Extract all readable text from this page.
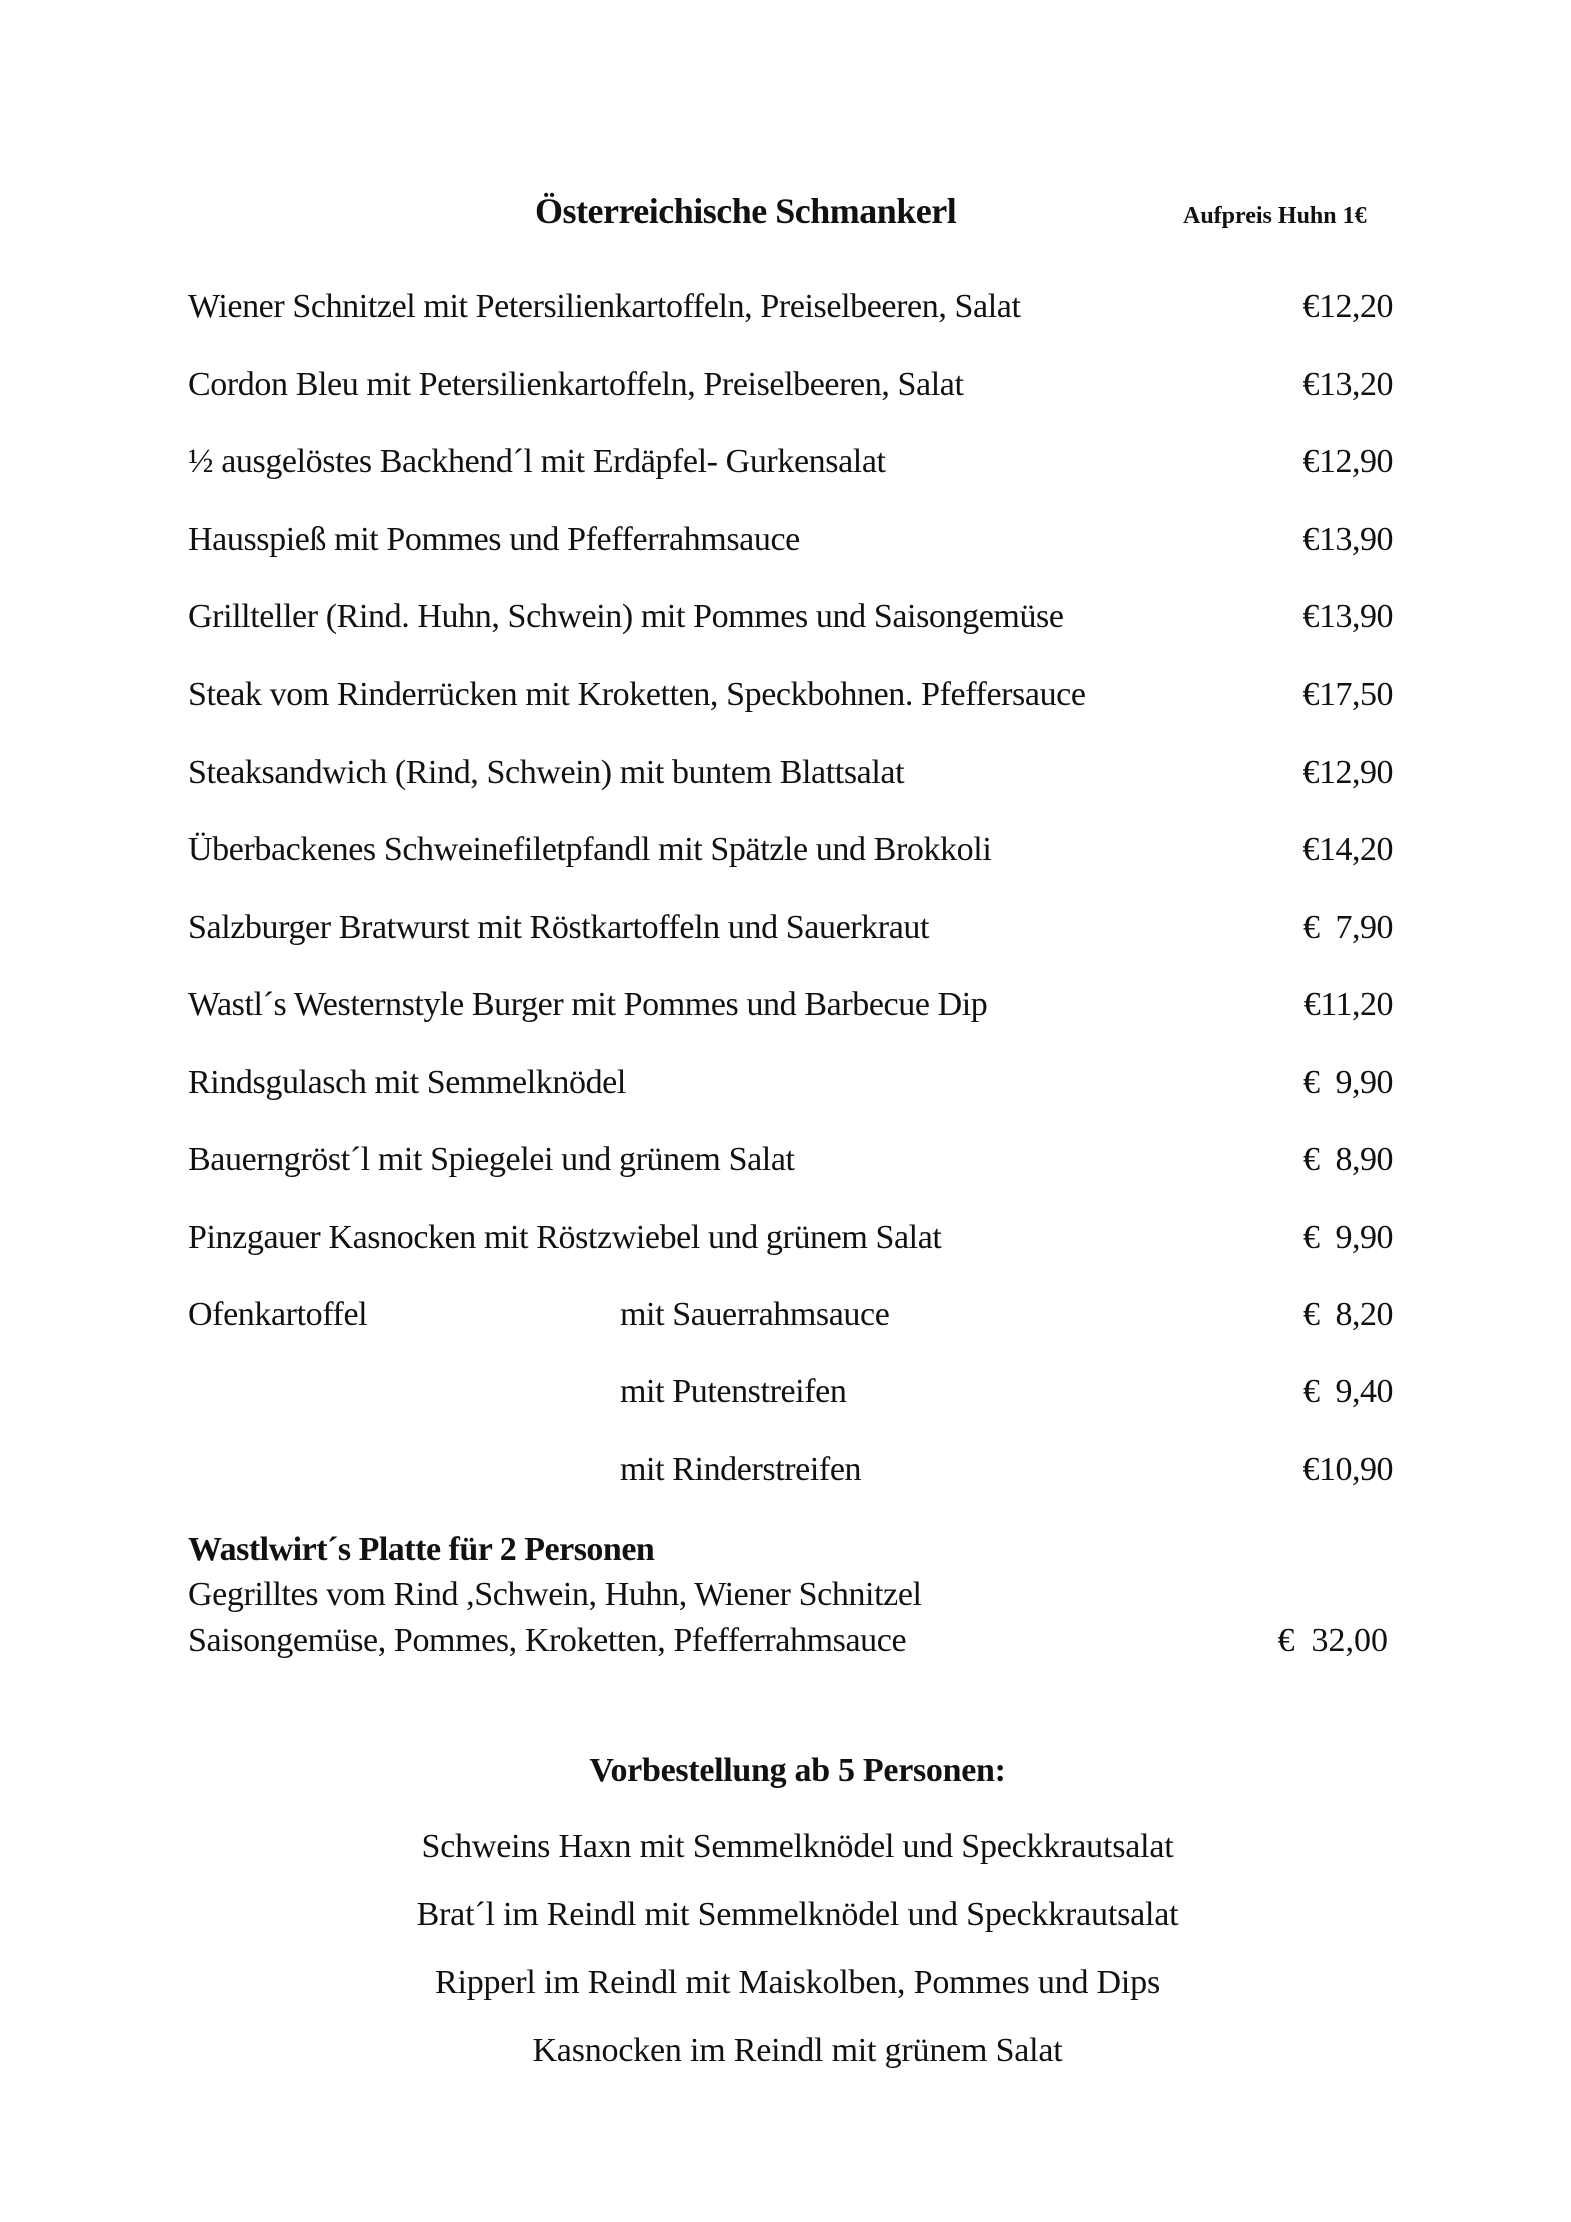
Österreichische Schmankerl	Aufpreis Huhn 1€
Wiener Schnitzel mit Petersilienkartoffeln, Preiselbeeren, Salat	€12,20
Cordon Bleu mit Petersilienkartoffeln, Preiselbeeren, Salat	€13,20
½ ausgelöstes Backhend´l mit Erdäpfel- Gurkensalat	€12,90
Hausspieß mit Pommes und Pfefferrahmsauce	€13,90
Grillteller (Rind. Huhn, Schwein) mit Pommes und Saisongemüse	€13,90
Steak vom Rinderrücken mit Kroketten, Speckbohnen. Pfeffersauce	€17,50
Steaksandwich (Rind, Schwein) mit buntem Blattsalat	€12,90
Überbackenes Schweinefiletpfandl mit Spätzle und Brokkoli	€14,20
Salzburger Bratwurst mit Röstkartoffeln und Sauerkraut	€  7,90
Wastl´s Westernstyle Burger mit Pommes und Barbecue Dip	€11,20
Rindsgulasch mit Semmelknödel	€  9,90
Bauerngröst´l mit Spiegelei und grünem Salat	€  8,90
Pinzgauer Kasnocken mit Röstzwiebel und grünem Salat	€  9,90
Ofenkartoffel	mit Sauerrahmsauce	€  8,20
mit Putenstreifen	€  9,40
mit Rinderstreifen	€10,90
Wastlwirt´s Platte für 2 Personen
Gegrilltes vom Rind ,Schwein, Huhn, Wiener Schnitzel
Saisongemüse, Pommes, Kroketten, Pfefferrahmsauce	€  32,00
Vorbestellung ab 5 Personen:
Schweins Haxn mit Semmelknödel und Speckkrautsalat
Brat´l im Reindl mit Semmelknödel und Speckkrautsalat
Ripperl im Reindl mit Maiskolben, Pommes und Dips
Kasnocken im Reindl mit grünem Salat
